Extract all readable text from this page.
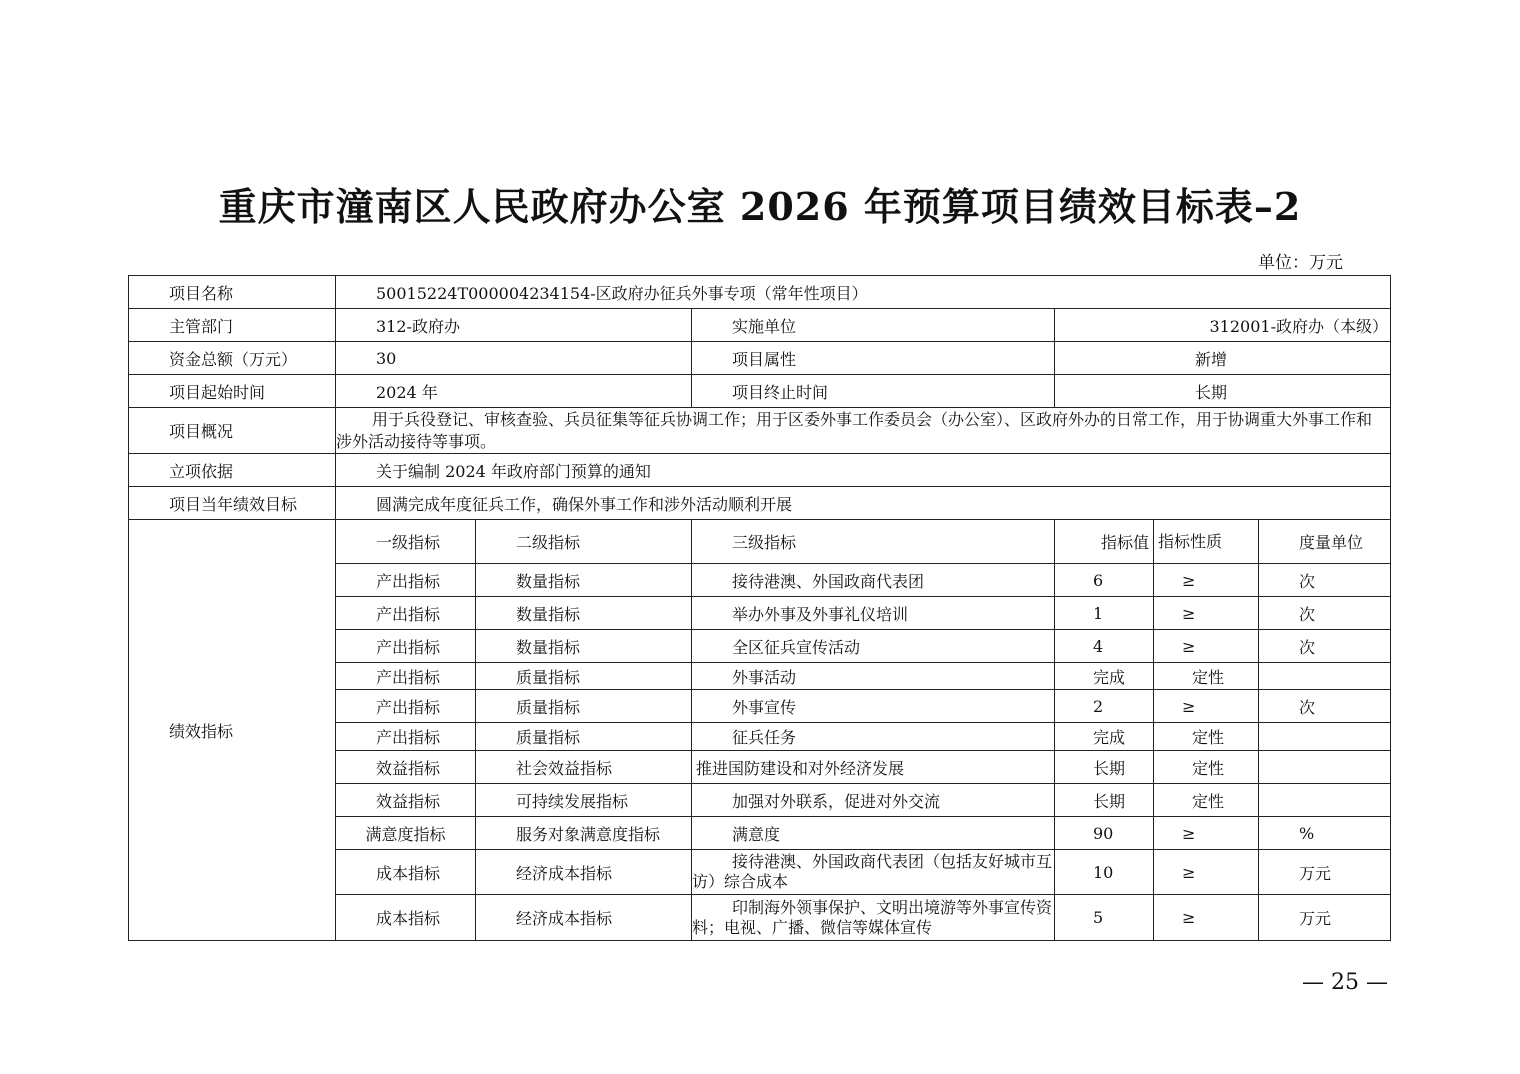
重庆市潼南区人民政府办公室 2026 年预算项目绩效目标表–2
单位：万元
项目名称	50015224T000004234154-区政府办征兵外事专项（常年性项目）					
主管部门	312-政府办		实施单位	312001-政府办（本级）		
资金总额（万元）	30		项目属性	新增		
项目起始时间	2024 年		项目终止时间	长期		
项目概况	用于兵役登记、审核查验、兵员征集等征兵协调工作；用于区委外事工作委员会（办公室）、区政府外办的日常工作，用于协调重大外事工作和涉外活动接待等事项。					
立项依据	关于编制 2024 年政府部门预算的通知					
项目当年绩效目标	圆满完成年度征兵工作，确保外事工作和涉外活动顺利开展					
绩效指标	一级指标	二级指标	三级指标	指标值	指标性质	度量单位
	产出指标	数量指标	接待港澳、外国政商代表团	6	≥	次
	产出指标	数量指标	举办外事及外事礼仪培训	1	≥	次
	产出指标	数量指标	全区征兵宣传活动	4	≥	次
	产出指标	质量指标	外事活动	完成	定性	
	产出指标	质量指标	外事宣传	2	≥	次
	产出指标	质量指标	征兵任务	完成	定性	
	效益指标	社会效益指标	推进国防建设和对外经济发展	长期	定性	
	效益指标	可持续发展指标	加强对外联系，促进对外交流	长期	定性	
	满意度指标	服务对象满意度指标	满意度	90	≥	%
	成本指标	经济成本指标	接待港澳、外国政商代表团（包括友好城市互访）综合成本	10	≥	万元
	成本指标	经济成本指标	印制海外领事保护、文明出境游等外事宣传资料；电视、广播、微信等媒体宣传	5	≥	万元
— 25 —
